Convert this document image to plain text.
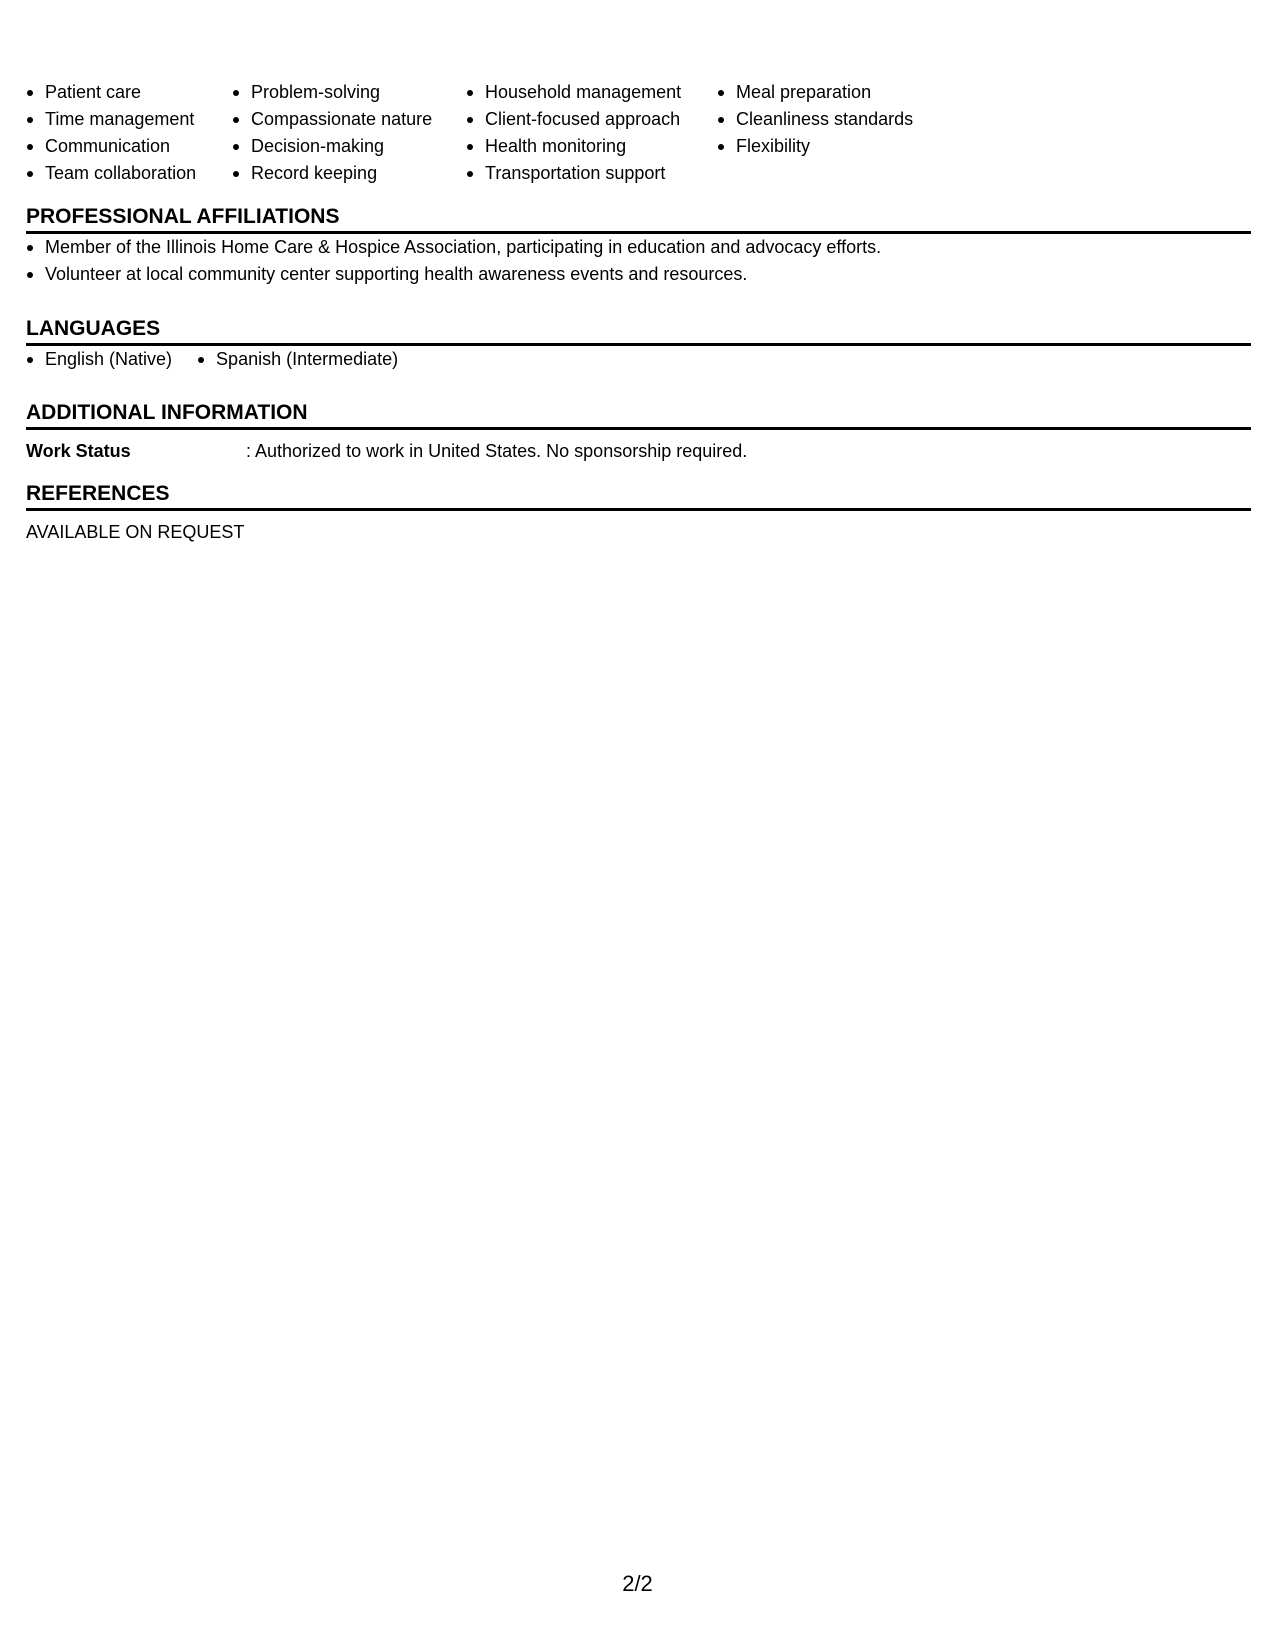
Patient care
Time management
Communication
Team collaboration
Problem-solving
Compassionate nature
Decision-making
Record keeping
Household management
Client-focused approach
Health monitoring
Transportation support
Meal preparation
Cleanliness standards
Flexibility
PROFESSIONAL AFFILIATIONS
Member of the Illinois Home Care & Hospice Association, participating in education and advocacy efforts.
Volunteer at local community center supporting health awareness events and resources.
LANGUAGES
English (Native)	Spanish (Intermediate)
ADDITIONAL INFORMATION
Work Status	: Authorized to work in United States. No sponsorship required.
REFERENCES
AVAILABLE ON REQUEST
2/2
